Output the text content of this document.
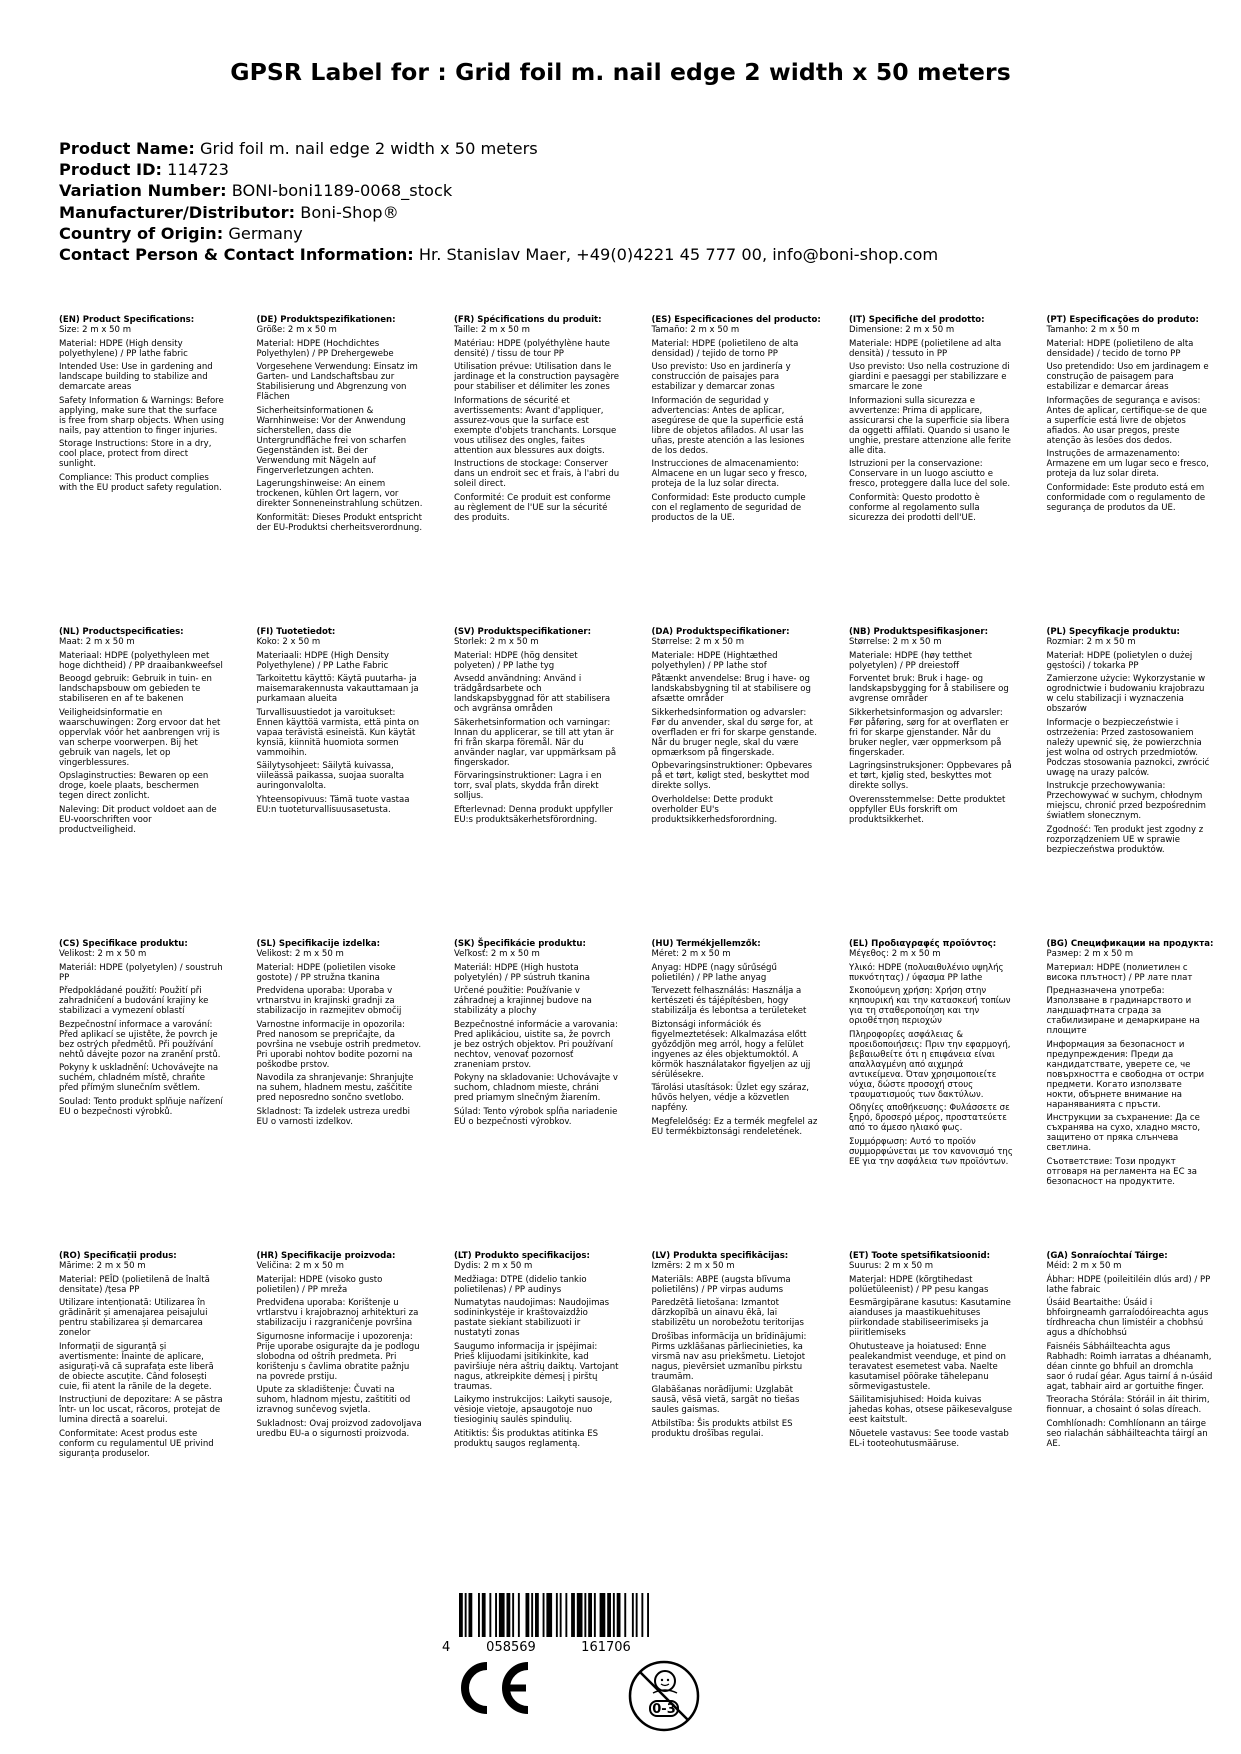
GPSR Label for : Grid foil m. nail edge 2 width x 50 meters
Product Name: Grid foil m. nail edge 2 width x 50 meters
Product ID: 114723
Variation Number: BONI-boni1189-0068_stock
Manufacturer/Distributor: Boni-Shop®
Country of Origin: Germany
Contact Person & Contact Information: Hr. Stanislav Maer, +49(0)4221 45 777 00, info@boni-shop.com
(EN) Product Specifications:

Size: 2 m x 50 m

Material: HDPE (High density polyethylene) / PP lathe fabric

Intended Use: Use in gardening and landscape building to stabilize and demarcate areas

Safety Information & Warnings: Before applying, make sure that the surface is free from sharp objects. When using nails, pay attention to finger injuries.

Storage Instructions: Store in a dry, cool place, protect from direct sunlight.

Compliance: This product complies with the EU product safety regulation.

(DE) Produktspezifikationen:

Größe: 2 m x 50 m

Material: HDPE (Hochdichtes Polyethylen) / PP Drehergewebe

Vorgesehene Verwendung: Einsatz im Garten- und Landschaftsbau zur Stabilisierung und Abgrenzung von Flächen

Sicherheitsinformationen & Warnhinweise: Vor der Anwendung sicherstellen, dass die Untergrundfläche frei von scharfen Gegenständen ist. Bei der Verwendung mit Nägeln auf Fingerverletzungen achten.

Lagerungshinweise: An einem trockenen, kühlen Ort lagern, vor direkter Sonneneinstrahlung schützen.

Konformität: Dieses Produkt entspricht der EU-Produktsi cherheitsverordnung.

(FR) Spécifications du produit:

Taille: 2 m x 50 m

Matériau: HDPE (polyéthylène haute densité) / tissu de tour PP

Utilisation prévue: Utilisation dans le jardinage et la construction paysagère pour stabiliser et délimiter les zones

Informations de sécurité et avertissements: Avant d'appliquer, assurez-vous que la surface est exempte d'objets tranchants. Lorsque vous utilisez des ongles, faites attention aux blessures aux doigts.

Instructions de stockage: Conserver dans un endroit sec et frais, à l'abri du soleil direct.

Conformité: Ce produit est conforme au règlement de l'UE sur la sécurité des produits.

(ES) Especificaciones del producto:

Tamaño: 2 m x 50 m

Material: HDPE (polietileno de alta densidad) / tejido de torno PP

Uso previsto: Uso en jardinería y construcción de paisajes para estabilizar y demarcar zonas

Información de seguridad y advertencias: Antes de aplicar, asegúrese de que la superficie está libre de objetos afilados. Al usar las uñas, preste atención a las lesiones de los dedos.

Instrucciones de almacenamiento: Almacene en un lugar seco y fresco, proteja de la luz solar directa.

Conformidad: Este producto cumple con el reglamento de seguridad de productos de la UE.

(IT) Specifiche del prodotto:

Dimensione: 2 m x 50 m

Materiale: HDPE (polietilene ad alta densità) / tessuto in PP

Uso previsto: Uso nella costruzione di giardini e paesaggi per stabilizzare e smarcare le zone

Informazioni sulla sicurezza e avvertenze: Prima di applicare, assicurarsi che la superficie sia libera da oggetti affilati. Quando si usano le unghie, prestare attenzione alle ferite alle dita.

Istruzioni per la conservazione: Conservare in un luogo asciutto e fresco, proteggere dalla luce del sole.

Conformità: Questo prodotto è conforme al regolamento sulla sicurezza dei prodotti dell'UE.

(PT) Especificações do produto:

Tamanho: 2 m x 50 m

Material: HDPE (polietileno de alta densidade) / tecido de torno PP

Uso pretendido: Uso em jardinagem e construção de paisagem para estabilizar e demarcar áreas

Informações de segurança e avisos: Antes de aplicar, certifique-se de que a superfície está livre de objetos afiados. Ao usar pregos, preste atenção às lesões dos dedos.

Instruções de armazenamento: Armazene em um lugar seco e fresco, proteja da luz solar direta.

Conformidade: Este produto está em conformidade com o regulamento de segurança de produtos da UE.

(NL) Productspecificaties:

Maat: 2 m x 50 m

Materiaal: HDPE (polyethyleen met hoge dichtheid) / PP draaibankweefsel

Beoogd gebruik: Gebruik in tuin- en landschapsbouw om gebieden te stabiliseren en af te bakenen

Veiligheidsinformatie en waarschuwingen: Zorg ervoor dat het oppervlak vóór het aanbrengen vrij is van scherpe voorwerpen. Bij het gebruik van nagels, let op vingerblessures.

Opslaginstructies: Bewaren op een droge, koele plaats, beschermen tegen direct zonlicht.

Naleving: Dit product voldoet aan de EU-voorschriften voor productveiligheid.

(FI) Tuotetiedot:

Koko: 2 x 50 m

Materiaali: HDPE (High Density Polyethylene) / PP Lathe Fabric

Tarkoitettu käyttö: Käytä puutarha- ja maisemarakennusta vakauttamaan ja purkamaan alueita

Turvallisuustiedot ja varoitukset: Ennen käyttöä varmista, että pinta on vapaa terävistä esineistä. Kun käytät kynsiä, kiinnitä huomiota sormen vammoihin.

Säilytysohjeet: Säilytä kuivassa, viileässä paikassa, suojaa suoralta auringonvalolta.

Yhteensopivuus: Tämä tuote vastaa EU:n tuoteturvallisuusasetusta.

(SV) Produktspecifikationer:

Storlek: 2 m x 50 m

Material: HDPE (hög densitet polyeten) / PP lathe tyg

Avsedd användning: Använd i trädgårdsarbete och landskapsbyggnad för att stabilisera och avgränsa områden

Säkerhetsinformation och varningar: Innan du applicerar, se till att ytan är fri från skarpa föremål. När du använder naglar, var uppmärksam på fingerskador.

Förvaringsinstruktioner: Lagra i en torr, sval plats, skydda från direkt solljus.

Efterlevnad: Denna produkt uppfyller EU:s produktsäkerhetsförordning.

(DA) Produktspecifikationer:

Størrelse: 2 m x 50 m

Materiale: HDPE (Hightæthed polyethylen) / PP lathe stof

Påtænkt anvendelse: Brug i have- og landskabsbygning til at stabilisere og afsætte områder

Sikkerhedsinformation og advarsler: Før du anvender, skal du sørge for, at overfladen er fri for skarpe genstande. Når du bruger negle, skal du være opmærksom på fingerskade.

Opbevaringsinstruktioner: Opbevares på et tørt, køligt sted, beskyttet mod direkte sollys.

Overholdelse: Dette produkt overholder EU's produktsikkerhedsforordning.

(NB) Produktspesifikasjoner:

Størrelse: 2 m x 50 m

Materiale: HDPE (høy tetthet polyetylen) / PP dreiestoff

Forventet bruk: Bruk i hage- og landskapsbygging for å stabilisere og avgrense områder

Sikkerhetsinformasjon og advarsler: Før påføring, sørg for at overflaten er fri for skarpe gjenstander. Når du bruker negler, vær oppmerksom på fingerskader.

Lagringsinstruksjoner: Oppbevares på et tørt, kjølig sted, beskyttes mot direkte sollys.

Overensstemmelse: Dette produktet oppfyller EUs forskrift om produktsikkerhet.

(PL) Specyfikacje produktu:

Rozmiar: 2 m x 50 m

Materiał: HDPE (polietylen o dużej gęstości) / tokarka PP

Zamierzone użycie: Wykorzystanie w ogrodnictwie i budowaniu krajobrazu w celu stabilizacji i wyznaczenia obszarów

Informacje o bezpieczeństwie i ostrzeżenia: Przed zastosowaniem należy upewnić się, że powierzchnia jest wolna od ostrych przedmiotów. Podczas stosowania paznokci, zwrócić uwagę na urazy palców.

Instrukcje przechowywania: Przechowywać w suchym, chłodnym miejscu, chronić przed bezpośrednim światłem słonecznym.

Zgodność: Ten produkt jest zgodny z rozporządzeniem UE w sprawie bezpieczeństwa produktów.

(CS) Specifikace produktu:

Velikost: 2 m x 50 m

Materiál: HDPE (polyetylen) / soustruh PP

Předpokládané použití: Použití při zahradničení a budování krajiny ke stabilizaci a vymezení oblastí

Bezpečnostní informace a varování: Před aplikací se ujistěte, že povrch je bez ostrých předmětů. Při používání nehtů dávejte pozor na zranění prstů.

Pokyny k uskladnění: Uchovávejte na suchém, chladném místě, chraňte před přímým slunečním světlem.

Soulad: Tento produkt splňuje nařízení EU o bezpečnosti výrobků.

(SL) Specifikacije izdelka:

Velikost: 2 m x 50 m

Material: HDPE (polietilen visoke gostote) / PP stružna tkanina

Predvidena uporaba: Uporaba v vrtnarstvu in krajinski gradnji za stabilizacijo in razmejitev območij

Varnostne informacije in opozorila: Pred nanosom se prepričajte, da površina ne vsebuje ostrih predmetov. Pri uporabi nohtov bodite pozorni na poškodbe prstov.

Navodila za shranjevanje: Shranjujte na suhem, hladnem mestu, zaščitite pred neposredno sončno svetlobo.

Skladnost: Ta izdelek ustreza uredbi EU o varnosti izdelkov.

(SK) Špecifikácie produktu:

Veľkosť: 2 m x 50 m

Materiál: HDPE (High hustota polyetylén) / PP sústruh tkanina

Určené použitie: Používanie v záhradnej a krajinnej budove na stabilizáty a plochy

Bezpečnostné informácie a varovania: Pred aplikáciou, uistite sa, že povrch je bez ostrých objektov. Pri používaní nechtov, venovať pozornosť zraneniam prstov.

Pokyny na skladovanie: Uchovávajte v suchom, chladnom mieste, chráni pred priamym slnečným žiarením.

Súlad: Tento výrobok spĺňa nariadenie EÚ o bezpečnosti výrobkov.

(HU) Termékjellemzők:

Méret: 2 m x 50 m

Anyag: HDPE (nagy sűrűségű polietilén) / PP lathe anyag

Tervezett felhasználás: Használja a kertészeti és tájépítésben, hogy stabilizálja és lebontsa a területeket

Biztonsági információk és figyelmeztetések: Alkalmazása előtt győződjön meg arról, hogy a felület ingyenes az éles objektumoktól. A körmök használatakor figyeljen az ujj sérülésekre.

Tárolási utasítások: Üzlet egy száraz, hűvös helyen, védje a közvetlen napfény.

Megfelelőség: Ez a termék megfelel az EU termékbiztonsági rendeletének.

(EL) Προδιαγραφές προϊόντος:

Μέγεθος: 2 m x 50 m

Υλικό: HDPE (πολυαιθυλένιο υψηλής πυκνότητας) / ύφασμα PP lathe

Σκοπούμενη χρήση: Χρήση στην κηπουρική και την κατασκευή τοπίων για τη σταθεροποίηση και την οριοθέτηση περιοχών

Πληροφορίες ασφάλειας & προειδοποιήσεις: Πριν την εφαρμογή, βεβαιωθείτε ότι η επιφάνεια είναι απαλλαγμένη από αιχμηρά αντικείμενα. Όταν χρησιμοποιείτε νύχια, δώστε προσοχή στους τραυματισμούς των δακτύλων.

Οδηγίες αποθήκευσης: Φυλάσσετε σε ξηρό, δροσερό μέρος, προστατεύετε από το άμεσο ηλιακό φως.

Συμμόρφωση: Αυτό το προϊόν συμμορφώνεται με τον κανονισμό της ΕΕ για την ασφάλεια των προϊόντων.

(BG) Спецификации на продукта:

Размер: 2 m x 50 m

Материал: HDPE (полиетилен с висока плътност) / PP лате плат

Предназначена употреба: Използване в градинарството и ландшафтната сграда за стабилизиране и демаркиране на площите

Информация за безопасност и предупреждения: Преди да кандидатствате, уверете се, че повърхността е свободна от остри предмети. Когато използвате нокти, обърнете внимание на нараняванията с пръсти.

Инструкции за съхранение: Да се съхранява на сухо, хладно място, защитено от пряка слънчева светлина.

Съответствие: Този продукт отговаря на регламента на ЕС за безопасност на продуктите.

(RO) Specificații produs:

Mărime: 2 m x 50 m

Material: PEÎD (polietilenă de înaltă densitate) /țesa PP

Utilizare intenționată: Utilizarea în grădinărit și amenajarea peisajului pentru stabilizarea și demarcarea zonelor

Informații de siguranță și avertismente: Înainte de aplicare, asigurați-vă că suprafața este liberă de obiecte ascuțite. Când folosești cuie, fii atent la rănile de la degete.

Instrucțiuni de depozitare: A se păstra într- un loc uscat, răcoros, protejat de lumina directă a soarelui.

Conformitate: Acest produs este conform cu regulamentul UE privind siguranța produselor.

(HR) Specifikacije proizvoda:

Veličina: 2 m x 50 m

Materijal: HDPE (visoko gusto polietilen) / PP mreža

Predviđena uporaba: Korištenje u vrtlarstvu i krajobraznoj arhitekturi za stabilizaciju i razgraničenje površina

Sigurnosne informacije i upozorenja: Prije uporabe osigurajte da je podlogu slobodna od oštrih predmeta. Pri korištenju s čavlima obratite pažnju na povrede prstiju.

Upute za skladištenje: Čuvati na suhom, hladnom mjestu, zaštititi od izravnog sunčevog svjetla.

Sukladnost: Ovaj proizvod zadovoljava uredbu EU-a o sigurnosti proizvoda.

(LT) Produkto specifikacijos:

Dydis: 2 m x 50 m

Medžiaga: DTPE (didelio tankio polietilenas) / PP audinys

Numatytas naudojimas: Naudojimas sodininkystėje ir kraštovaizdžio pastate siekiant stabilizuoti ir nustatyti zonas

Saugumo informacija ir įspėjimai: Prieš klijuodami įsitikinkite, kad paviršiuje nėra aštrių daiktų. Vartojant nagus, atkreipkite dėmesį į pirštų traumas.

Laikymo instrukcijos: Laikyti sausoje, vėsioje vietoje, apsaugotoje nuo tiesioginių saulės spindulių.

Atitiktis: Šis produktas atitinka ES produktų saugos reglamentą.

(LV) Produkta specifikācijas:

Izmērs: 2 m x 50 m

Materiāls: ABPE (augsta blīvuma polietilēns) / PP virpas audums

Paredzētā lietošana: Izmantot dārzkopībā un ainavu ēkā, lai stabilizētu un norobežotu teritorijas

Drošības informācija un brīdinājumi: Pirms uzklāšanas pārliecinieties, ka virsmā nav asu priekšmetu. Lietojot nagus, pievērsiet uzmanību pirkstu traumām.

Glabāšanas norādījumi: Uzglabāt sausā, vēsā vietā, sargāt no tiešas saules gaismas.

Atbilstība: Šis produkts atbilst ES produktu drošības regulai.

(ET) Toote spetsifikatsioonid:

Suurus: 2 m x 50 m

Materjal: HDPE (kõrgtihedast polüetüleenist) / PP pesu kangas

Eesmärgipärane kasutus: Kasutamine aianduses ja maastikuehituses piirkondade stabiliseerimiseks ja piiritlemiseks

Ohutusteave ja hoiatused: Enne pealekandmist veenduge, et pind on teravatest esemetest vaba. Naelte kasutamisel pöörake tähelepanu sõrmevigastustele.

Säilitamisjuhised: Hoida kuivas jahedas kohas, otsese päikesevalguse eest kaitstult.

Nõuetele vastavus: See toode vastab EL-i tooteohutusmääruse.

(GA) Sonraíochtaí Táirge:

Méid: 2 m x 50 m

Ábhar: HDPE (poileitiléin dlús ard) / PP lathe fabraic

Úsáid Beartaithe: Úsáid i bhfoirgneamh garraíodóireachta agus tírdhreacha chun limistéir a chobhsú agus a dhíchobhsú

Faisnéis Sábháilteachta agus Rabhadh: Roimh iarratas a dhéanamh, déan cinnte go bhfuil an dromchla saor ó rudaí géar. Agus tairní á n-úsáid agat, tabhair aird ar gortuithe finger.

Treoracha Stórála: Stóráil in áit thirim, fionnuar, a chosaint ó solas díreach.

Comhlíonadh: Comhlíonann an táirge seo rialachán sábháilteachta táirgí an AE.

4	058569	161706
0-3
